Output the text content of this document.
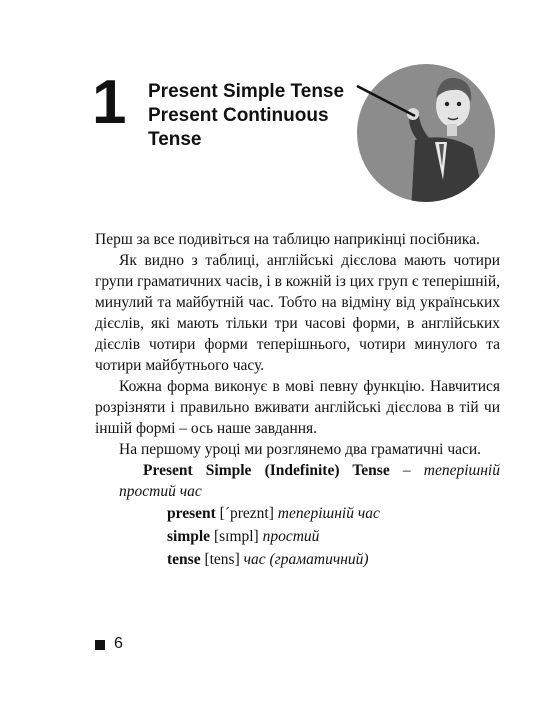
1 Present Simple Tense
Present Continuous
Tense

Перш за все подивіться на таблицю наприкінці посібника.

Як видно з таблиці, англійські дієслова мають чотири групи граматичних часів, і в кожній із цих груп є теперішній, минулий та майбутній час. Тобто на відміну від українських дієслів, які мають тільки три часові форми, в англійських дієслів чотири форми теперішнього, чотири минулого та чотири майбутнього часу.

Кожна форма виконує в мові певну функцію. Навчитися розрізняти і правильно вживати англійські дієслова в тій чи іншій формі – ось наше завдання.

На першому уроці ми розглянемо два граматичні часи.

Present Simple (Indefinite) Tense – теперішній простий час

present [ˊpreznt] теперішній час

simple [sɪmpl] простий

tense [tens] час (граматичний)

6
